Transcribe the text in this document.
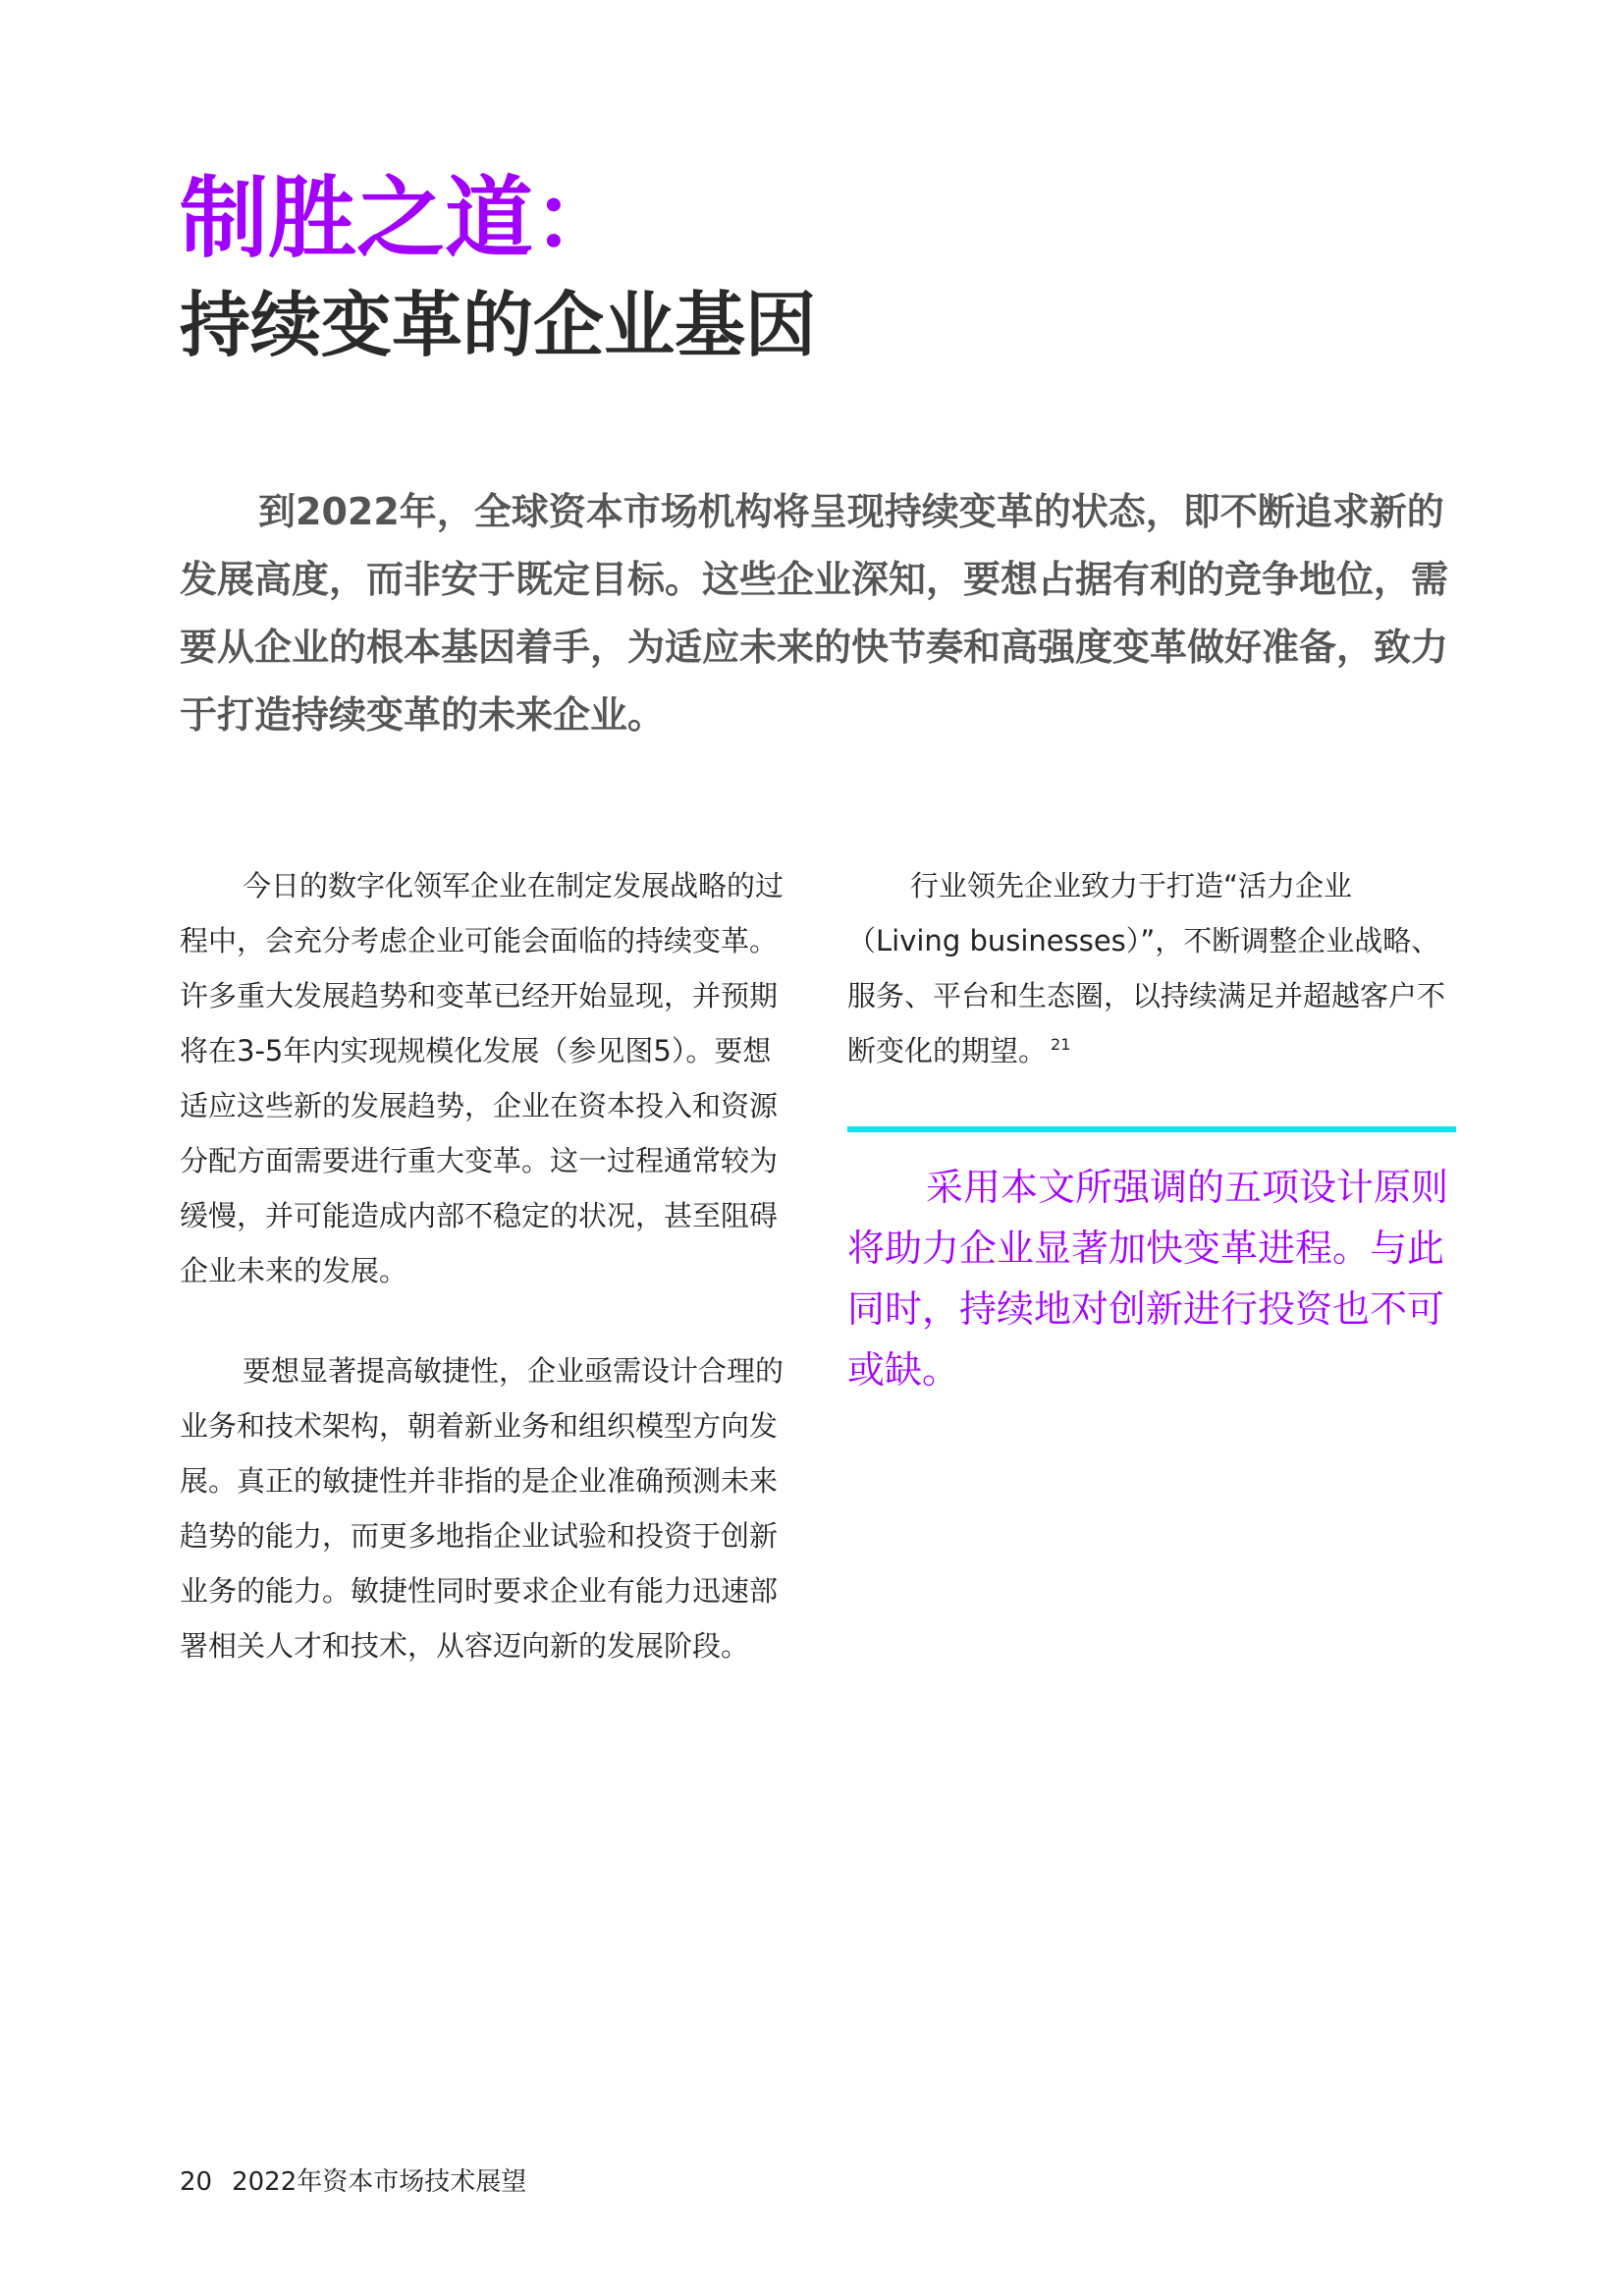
制胜之道：
持续变革的企业基因

到2022年，全球资本市场机构将呈现持续变革的状态，即不断追求新的发展高度，而非安于既定目标。这些企业深知，要想占据有利的竞争地位，需要从企业的根本基因着手，为适应未来的快节奏和高强度变革做好准备，致力于打造持续变革的未来企业。

今日的数字化领军企业在制定发展战略的过程中，会充分考虑企业可能会面临的持续变革。许多重大发展趋势和变革已经开始显现，并预期将在3-5年内实现规模化发展（参见图5）。要想适应这些新的发展趋势，企业在资本投入和资源分配方面需要进行重大变革。这一过程通常较为缓慢，并可能造成内部不稳定的状况，甚至阻碍企业未来的发展。

要想显著提高敏捷性，企业亟需设计合理的业务和技术架构，朝着新业务和组织模型方向发展。真正的敏捷性并非指的是企业准确预测未来趋势的能力，而更多地指企业试验和投资于创新业务的能力。敏捷性同时要求企业有能力迅速部署相关人才和技术，从容迈向新的发展阶段。

行业领先企业致力于打造“活力企业（Living businesses）”，不断调整企业战略、服务、平台和生态圈，以持续满足并超越客户不断变化的期望。 $^{21}$

采用本文所强调的五项设计原则将助力企业显著加快变革进程。与此同时，持续地对创新进行投资也不可或缺。

20 2022年资本市场技术展望
